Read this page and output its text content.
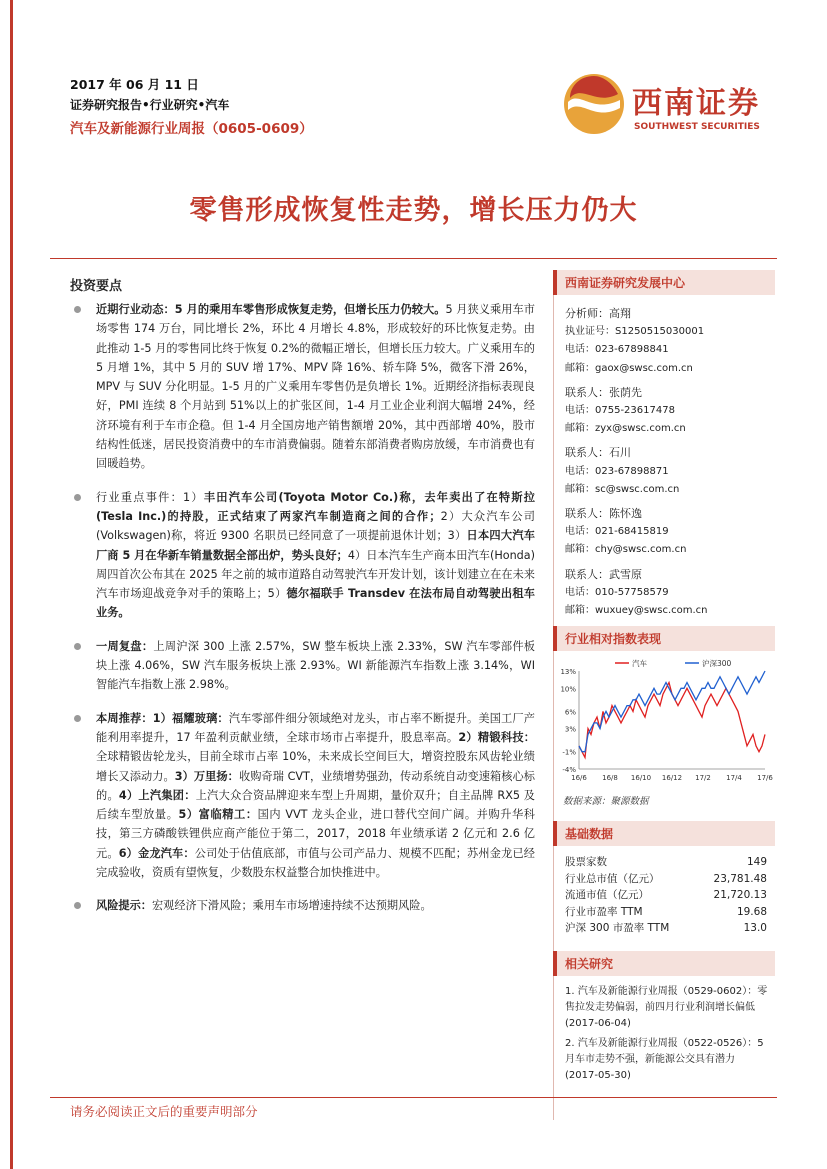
2017 年 06 月 11 日
证券研究报告•行业研究•汽车
汽车及新能源行业周报（0605-0609）
西南证券
SOUTHWEST SECURITIES
零售形成恢复性走势，增长压力仍大
投资要点
近期行业动态：5 月的乘用车零售形成恢复走势，但增长压力仍较大。5 月狭义乘用车市场零售 174 万台，同比增长 2%，环比 4 月增长 4.8%，形成较好的环比恢复走势。由此推动 1-5 月的零售同比终于恢复 0.2%的微幅正增长，但增长压力较大。广义乘用车的 5 月增 1%，其中 5 月的 SUV 增 17%、MPV 降 16%、轿车降 5%，微客下滑 26%，MPV 与 SUV 分化明显。1-5 月的广义乘用车零售仍是负增长 1%。近期经济指标表现良好，PMI 连续 8 个月站到 51%以上的扩张区间，1-4 月工业企业利润大幅增 24%，经济环境有利于车市企稳。但 1-4 月全国房地产销售额增 20%，其中西部增 40%，股市结构性低迷，居民投资消费中的车市消费偏弱。随着东部消费者购房放缓，车市消费也有回暖趋势。
行业重点事件：1）丰田汽车公司(Toyota Motor Co.)称，去年卖出了在特斯拉(Tesla Inc.)的持股，正式结束了两家汽车制造商之间的合作；2）大众汽车公司(Volkswagen)称，将近 9300 名职员已经同意了一项提前退休计划；3）日本四大汽车厂商 5 月在华新车销量数据全部出炉，势头良好；4）日本汽车生产商本田汽车(Honda)周四首次公布其在 2025 年之前的城市道路自动驾驶汽车开发计划，该计划建立在在未来汽车市场迎战竞争对手的策略上；5）德尔福联手 Transdev 在法布局自动驾驶出租车业务。
一周复盘：上周沪深 300 上涨 2.57%，SW 整车板块上涨 2.33%，SW 汽车零部件板块上涨 4.06%，SW 汽车服务板块上涨 2.93%。WI 新能源汽车指数上涨 3.14%，WI 智能汽车指数上涨 2.98%。
本周推荐：1）福耀玻璃：汽车零部件细分领域绝对龙头，市占率不断提升。美国工厂产能利用率提升，17 年盈利贡献业绩，全球市场市占率提升，股息率高。2）精锻科技：全球精锻齿轮龙头，目前全球市占率 10%，未来成长空间巨大，增资控股东风齿轮业绩增长又添动力。3）万里扬：收购奇瑞 CVT，业绩增势强劲，传动系统自动变速箱核心标的。4）上汽集团：上汽大众合资品牌迎来车型上升周期，量价双升；自主品牌 RX5 及后续车型放量。5）富临精工：国内 VVT 龙头企业，进口替代空间广阔。并购升华科技，第三方磷酸铁锂供应商产能位于第二，2017，2018 年业绩承诺 2 亿元和 2.6 亿元。6）金龙汽车：公司处于估值底部，市值与公司产品力、规模不匹配；苏州金龙已经完成验收，资质有望恢复，少数股东权益整合加快推进中。
风险提示：宏观经济下滑风险；乘用车市场增速持续不达预期风险。
西南证券研究发展中心
分析师：高翔
执业证号：S1250515030001
电话：023-67898841
邮箱：gaox@swsc.com.cn
联系人：张荫先
电话：0755-23617478
邮箱：zyx@swsc.com.cn
联系人：石川
电话：023-67898871
邮箱：sc@swsc.com.cn
联系人：陈怀逸
电话：021-68415819
邮箱：chy@swsc.com.cn
联系人：武雪原
电话：010-57758579
邮箱：wuxuey@swsc.com.cn
行业相对指数表现
13%
10%
6%
3%
-1%
-4%
16/6 16/8 16/10 16/12 17/2 17/4 17/6
汽车	沪深300
数据来源：聚源数据
基础数据
股票家数	149
行业总市值（亿元）	23,781.48
流通市值（亿元）	21,720.13
行业市盈率 TTM	19.68
沪深 300 市盈率 TTM	13.0
相关研究
1. 汽车及新能源行业周报（0529-0602）：零售拉发走势偏弱，前四月行业利润增长偏低 (2017-06-04)
2. 汽车及新能源行业周报（0522-0526）：5 月车市走势不强，新能源公交具有潜力 (2017-05-30)
请务必阅读正文后的重要声明部分
